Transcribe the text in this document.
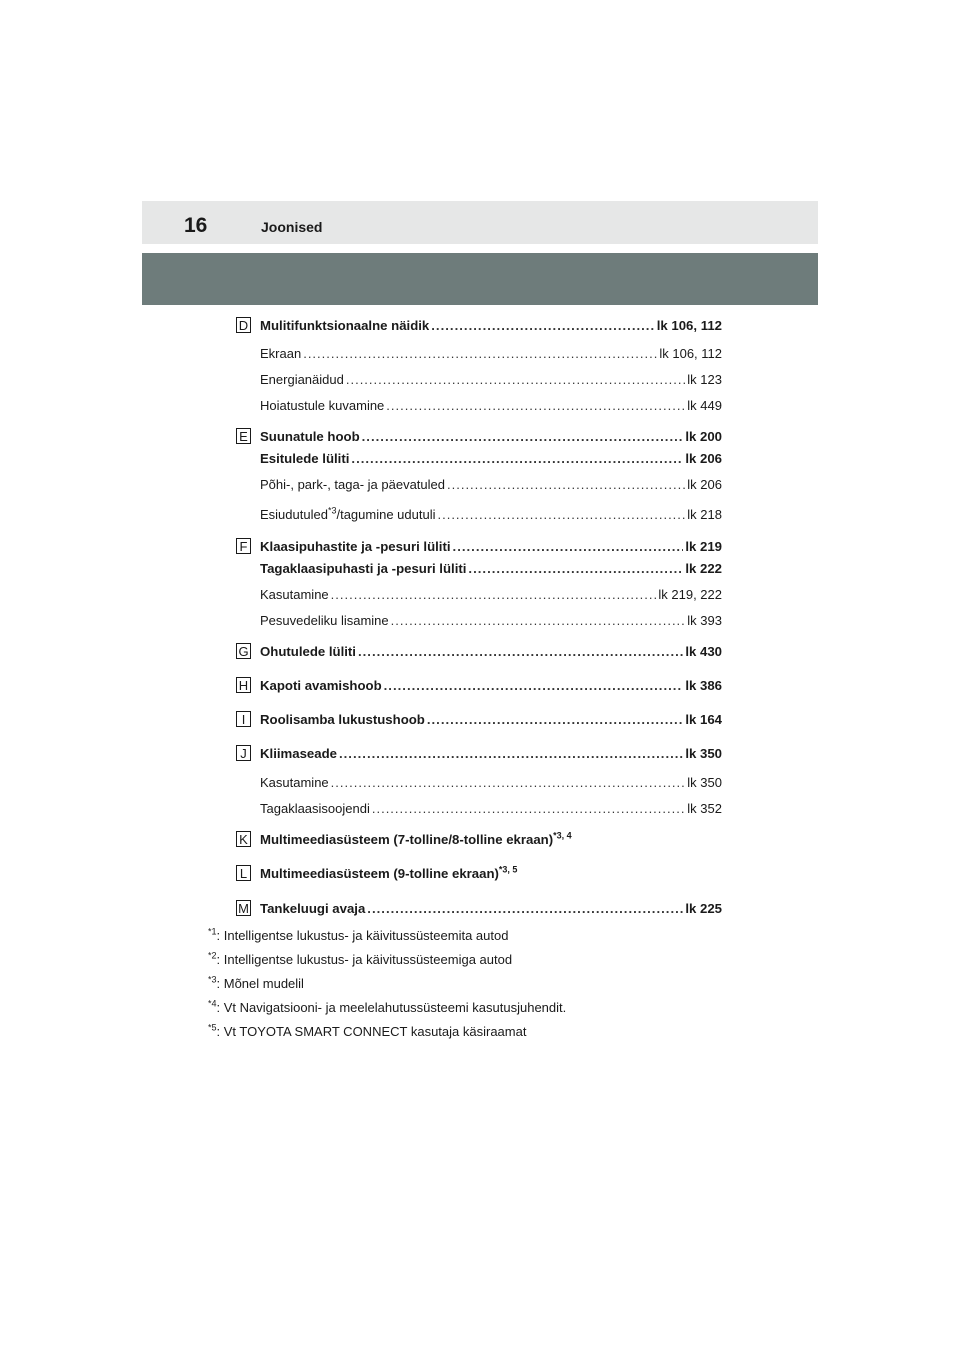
16	Joonised
D Mulitifunktsionaalne näidik .....	lk 106, 112
Ekraan .....	lk 106, 112
Energianäidud .....	lk 123
Hoiatustule kuvamine .....	lk 449
E Suunatule hoob .....	lk 200
Esitulede lüliti .....	lk 206
Põhi-, park-, taga- ja päevatuled .....	lk 206
Esiudutuled$^{*3}$/tagumine udutuli .....	lk 218
F Klaasipuhastite ja -pesuri lüliti .....	lk 219
Tagaklaasipuhasti ja -pesuri lüliti .....	lk 222
Kasutamine .....	lk 219, 222
Pesuvedeliku lisamine .....	lk 393
G Ohutulede lüliti .....	lk 430
H Kapoti avamishoob .....	lk 386
I	Roolisamba lukustushoob .....	lk 164
J	Kliimaseade .....	lk 350
Kasutamine .....	lk 350
Tagaklaasisoojendi .....	lk 352
K Multimeediasüsteem (7-tolline/8-tolline ekraan)$^{*3, 4}$
L Multimeediasüsteem (9-tolline ekraan)$^{*3, 5}$
M Tankeluugi avaja .....	lk 225
$^{*1}$: Intelligentse lukustus- ja käivitussüsteemita autod
$^{*2}$: Intelligentse lukustus- ja käivitussüsteemiga autod
$^{*3}$: Mõnel mudelil
$^{*4}$: Vt Navigatsiooni- ja meelelahutussüsteemi kasutusjuhendit.
$^{*5}$: Vt TOYOTA SMART CONNECT kasutaja käsiraamat
